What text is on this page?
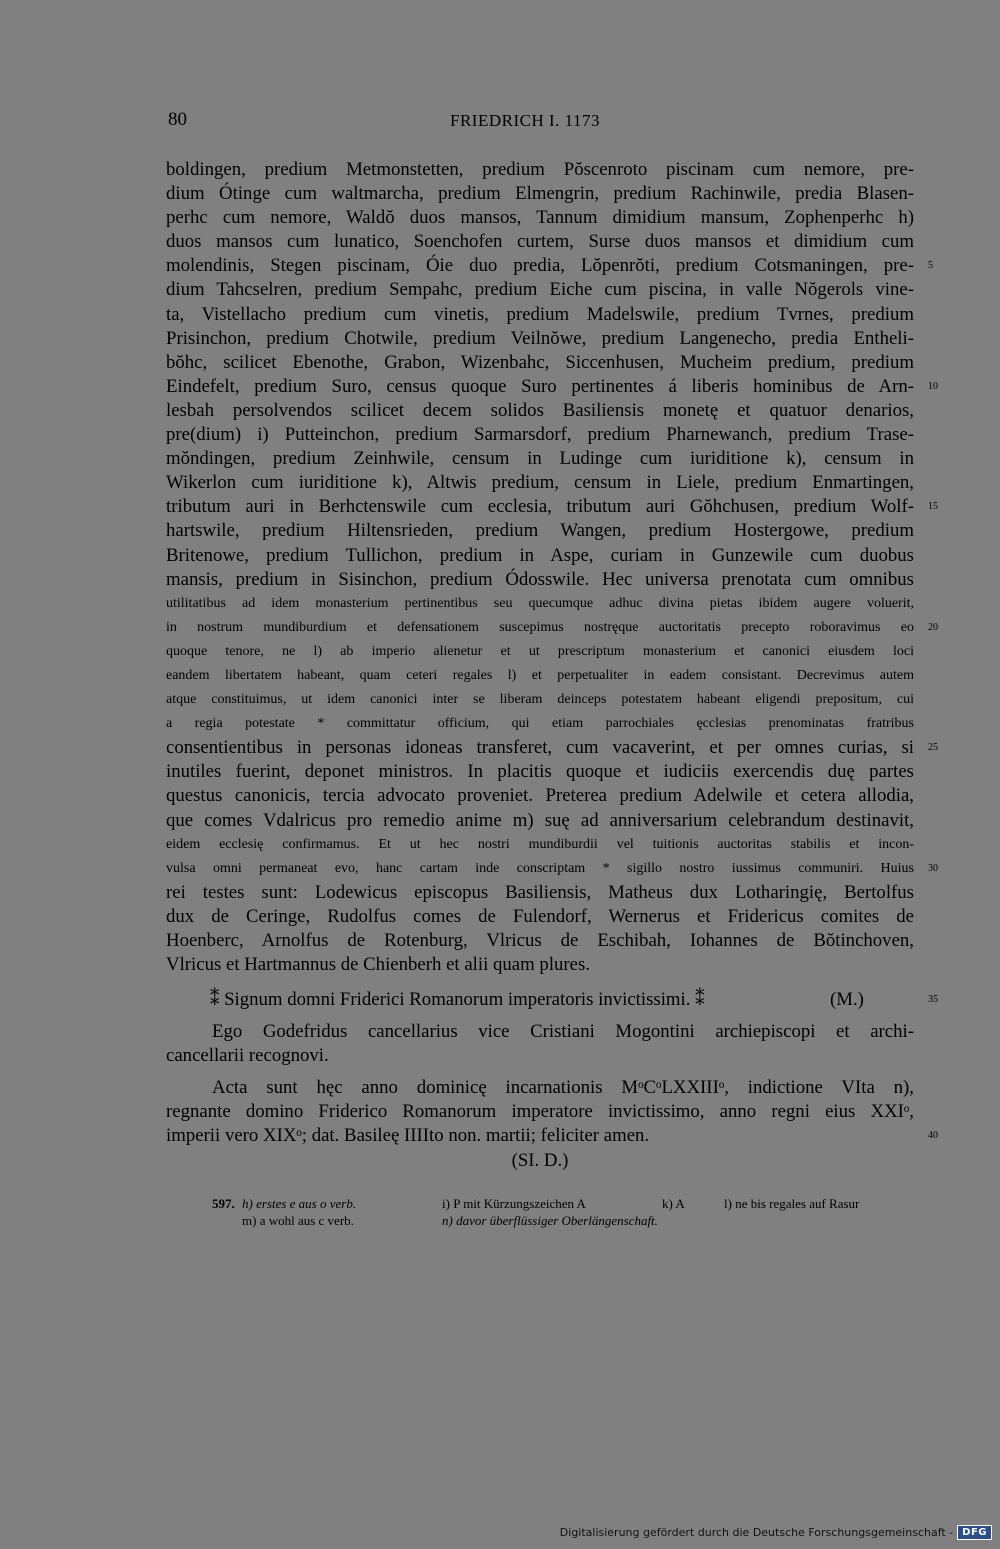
80	FRIEDRICH I. 1173
boldingen, predium Metmonstetten, predium Pŏscenroto piscinam cum nemore, pre-
dium Ótinge cum waltmarcha, predium Elmengrin, predium Rachinwile, predia Blasen-
perhc cum nemore, Waldŏ duos mansos, Tannum dimidium mansum, Zophenperhc h)
duos mansos cum lunatico, Soenchofen curtem, Surse duos mansos et dimidium cum
molendinis, Stegen piscinam, Óie duo predia, Lŏpenrŏti, predium Cotsmaningen, pre- 5
dium Tahcselren, predium Sempahc, predium Eiche cum piscina, in valle Nŏgerols vine-
ta, Vistellacho predium cum vinetis, predium Madelswile, predium Tvrnes, predium
Prisinchon, predium Chotwile, predium Veilnŏwe, predium Langenecho, predia Entheli-
bŏhc, scilicet Ebenothe, Grabon, Wizenbahc, Siccenhusen, Mucheim predium, predium
Eindefelt, predium Suro, census quoque Suro pertinentes á liberis hominibus de Arn- 10
lesbah persolvendos scilicet decem solidos Basiliensis monetę et quatuor denarios,
pre(dium) i) Putteinchon, predium Sarmarsdorf, predium Pharnewanch, predium Trase-
mŏndingen, predium Zeinhwile, censum in Ludinge cum iuriditione k), censum in
Wikerlon cum iuriditione k), Altwis predium, censum in Liele, predium Enmartingen,
tributum auri in Berhctenswile cum ecclesia, tributum auri Gŏhchusen, predium Wolf- 15
hartswile, predium Hiltensrieden, predium Wangen, predium Hostergowe, predium
Britenowe, predium Tullichon, predium in Aspe, curiam in Gunzewile cum duobus
mansis, predium in Sisinchon, predium Ódosswile. Hec universa prenotata cum omnibus
utilitatibus ad idem monasterium pertinentibus seu quecumque adhuc divina pietas ibidem augere voluerit,
in nostrum mundiburdium et defensationem suscepimus nostręque auctoritatis precepto roboravimus eo 20
quoque tenore, ne l) ab imperio alienetur et ut prescriptum monasterium et canonici eiusdem loci
eandem libertatem habeant, quam ceteri regales l) et perpetualiter in eadem consistant. Decrevimus autem
atque constituimus, ut idem canonici inter se liberam deinceps potestatem habeant eligendi prepositum, cui
a regia potestate * committatur officium, qui etiam parrochiales ęcclesias prenominatas fratribus
consentientibus in personas idoneas transferet, cum vacaverint, et per omnes curias, si 25
inutiles fuerint, deponet ministros. In placitis quoque et iudiciis exercendis duę partes
questus canonicis, tercia advocato proveniet. Preterea predium Adelwile et cetera allodia,
que comes Vdalricus pro remedio anime m) suę ad anniversarium celebrandum destinavit,
eidem ecclesię confirmamus. Et ut hec nostri mundiburdii vel tuitionis auctoritas stabilis et incon-
vulsa omni permaneat evo, hanc cartam inde conscriptam * sigillo nostro iussimus communiri. Huius 30
rei testes sunt: Lodewicus episcopus Basiliensis, Matheus dux Lotharingię, Bertolfus
dux de Ceringe, Rudolfus comes de Fulendorf, Wernerus et Fridericus comites de
Hoenberc, Arnolfus de Rotenburg, Vlricus de Eschibah, Iohannes de Bŏtinchoven,
Vlricus et Hartmannus de Chienberh et alii quam plures.
⁑ Signum domni Friderici Romanorum imperatoris invictissimi. ⁑	(M.)	35
Ego Godefridus cancellarius vice Cristiani Mogontini archiepiscopi et archi-
cancellarii recognovi.
Acta sunt hęc anno dominicę incarnationis MᵒCᵒLXXIIIᵒ, indictione VIta n),
regnante domino Friderico Romanorum imperatore invictissimo, anno regni eius XXIᵒ,
imperii vero XIXᵒ; dat. Basileę IIIIto non. martii; feliciter amen.	40
(SI. D.)
597. h) erstes e aus o verb.	i) P mit Kürzungszeichen A	k) A	l) ne bis regales auf Rasur
m) a wohl aus c verb.	n) davor überflüssiger Oberlängenschaft.
Digitalisierung gefördert durch die Deutsche Forschungsgemeinschaft - DFG
